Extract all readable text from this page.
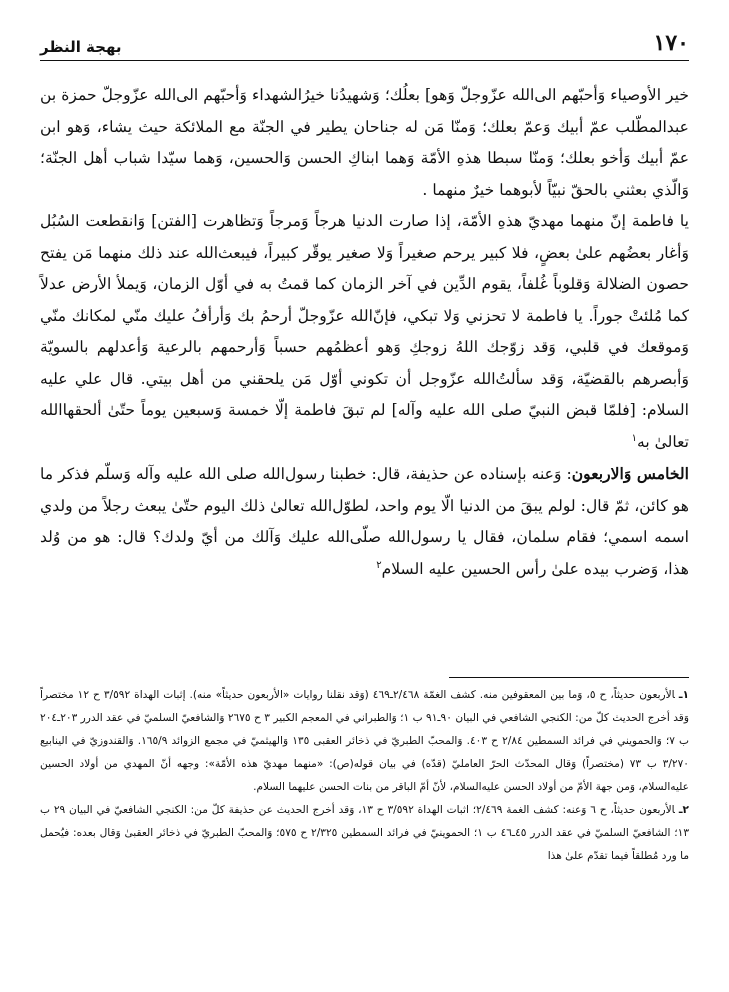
١٧٠
بهجة النظر

خير الأوصياء وَأحبّهم الى‌الله عزّوجلّ وَهو] بعلُك؛ وَشهيدُنا خيرُالشهداء وَأحبّهم الى‌الله عزّوجلّ حمزة بن عبدالمطّلب عمّ أبيك وَعمّ بعلك؛ وَمنّا مَن له جناحان يطير في الجنّة مع الملائكة حيث يشاء، وَهو ابن عمّ أبيك وَأخو بعلك؛ وَمنّا سبطا هذهِ الأمّة وَهما ابناكِ الحسن وَالحسين، وَهما سيّدا شباب أهل الجنّة؛ وَالّذي بعثني بالحقّ نبيّاً لأبوهما خيرٌ منهما .

يا فاطمة إنّ منهما مهديّ هذهِ الأمّة، إذا صارت الدنيا هرجاً وَمرجاً وَتظاهرت [الفتن] وَانقطعت السُبُل وَأغار بعضُهم علىٰ بعضٍ، فلا كبير يرحم صغيراً وَلا صغير يوقّر كبيراً، فيبعث‌الله عند ذلك منهما مَن يفتح حصون الضلالة وَقلوباً غُلفاً، يقوم الدِّين في آخر الزمان كما قمتُ به في أوّل الزمان، وَيملأ الأرض عدلاً كما مُلئتْ جوراً. يا فاطمة لا تحزني وَلا تبكي، فإنّ‌الله عزّوجلّ أرحمُ بك وَأرأفُ عليك منّي لمكانك منّي وَموقعك في قلبي، وَقد زوّجك اللهُ زوجكِ وَهو أعظمُهم حسباً وَأرحمهم بالرعية وَأعدلهم بالسويّة وَأبصرهم بالقضيّة، وَقد سألتُ‌الله عزّوجل أن تكوني أوّل مَن يلحقني من أهل بيتي. قال علي عليه السلام: [فلمّا قبض النبيّ صلى الله عليه وآله] لم تبقَ فاطمة إلّا خمسة وَسبعين يوماً حتّىٰ ألحقهاالله تعالىٰ به$^١$

الخامس وَالاربعون: وَعنه بإسناده عن حذيفة، قال: خطبنا رسول‌الله صلى الله عليه وآله وَسلّم فذكر ما هو كائن، ثمّ قال: لولم يبقَ من الدنيا الّا يوم واحد، لطوّل‌الله تعالىٰ ذلك اليوم حتّىٰ يبعث رجلاً من ولدي اسمه اسمي؛ فقام سلمان، فقال يا رسول‌الله صلّى‌الله عليك وَآلك من أيّ ولدك؟ قال: هو من وُلد هذا، وَضرب بيده علىٰ رأس الحسين عليه السلام$^٢$

١ـالأربعون حديثاً، ح ٥، وَما بين المعقوفين منه. كشف الغمّة ٢/٤٦٨ـ٤٦٩ (وَقد نقلنا روايات «الأربعون حديثاً» منه). إثبات الهداة ٣/٥٩٢ ح ١٢ مختصراً وَقد أخرج الحديث كلّ من: الكنجي الشافعي في البيان ٩٠ـ٩١ ب ١؛ وَالطبراني في المعجم الكبير ٣ ح ٢٦٧٥ وَالشافعيّ السلميّ في عقد الدرر ٢٠٣ـ٢٠٤ ب ٧؛ وَالحمويني في فرائد السمطين ٢/٨٤ ح ٤٠٣. وَالمحبّ الطبريّ في ذخائر العقبى ١٣٥ وَالهيثميّ في مجمع الزوائد ١٦٥/٩. وَالقندوزيّ في الينابيع ٣/٢٧٠ ب ٧٣ (مختصراً) وَقال المحدّث الحرّ العامليّ (قدّه) في بيان قوله(ص): «منهما مهديّ هذه الأمّة»: وجهه أنّ المهدي من أولاد الحسين عليه‌السلام، وَمن جهة الأمّ من أولاد الحسن عليه‌السلام، لأنّ أمّ الباقر من بنات الحسن عليهما السلام.

٢ـالأربعون حديثاً، ح ٦ وَعنه: كشف الغمة ٢/٤٦٩؛ اثبات الهداة ٣/٥٩٢ ح ١٣، وَقد أخرج الحديث عن حذيفة كلّ من: الكنجي الشافعيّ في البيان ٢٩ ب ١٣؛ الشافعيّ السلميّ في عقد الدرر ٤٥ـ٤٦ ب ١؛ الحموينيّ في فرائد السمطين ٢/٣٢٥ ح ٥٧٥؛ وَالمحبّ الطبريّ في ذخائر العقبىٰ وَقال بعده: فيُحمل ما ورد مُطلقاً فيما تقدّم علىٰ هذا
